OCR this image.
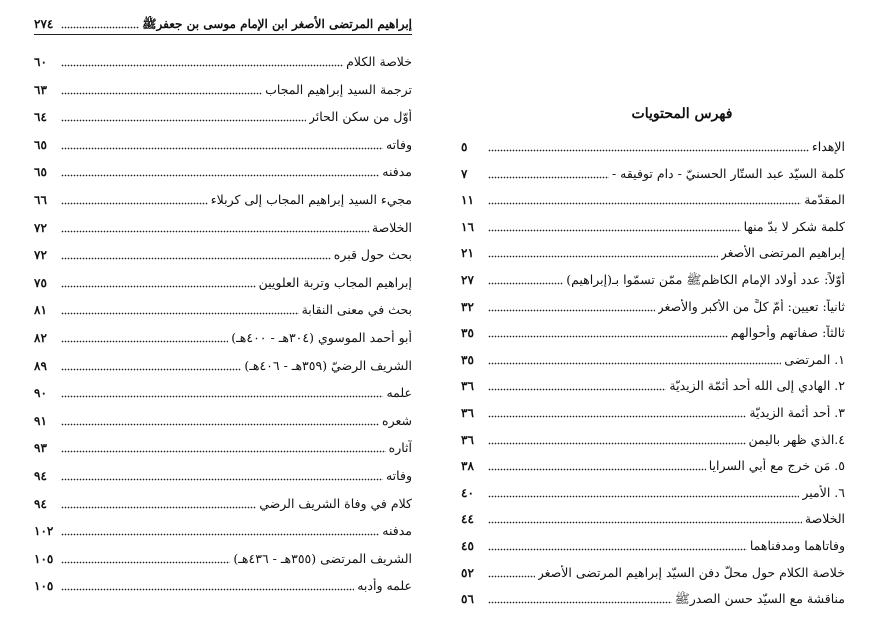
٢٧٤	إبراهيم المرتضى الأصغر ابن الإمام موسى بن جعفرﷺ
٦٠	خلاصة الكلام
٦٣	ترجمة السيد إبراهيم المجاب
٦٤	أوّل من سكن الحائر
٦٥	وفاته
٦٥	مدفنه
٦٦	مجيء السيد إبراهيم المجاب إلى كربلاء
٧٢	الخلاصة
٧٢	بحث حول قبره
٧٥	إبراهيم المجاب وتربة العلويين
٨١	بحث في معنى النقابة
٨٢	أبو أحمد الموسوي (٣٠٤هـ - ٤٠٠هـ)
٨٩	الشريف الرضيّ (٣٥٩هـ - ٤٠٦هـ)
٩٠	علمه
٩١	شعره
٩٣	آثاره
٩٤	وفاته
٩٤	كلام في وفاة الشريف الرضي
١٠٢	مدفنه
١٠٥	الشريف المرتضى (٣٥٥هـ - ٤٣٦هـ)
١٠٥	علمه وأدبه
فهرس المحتويات
٥	الإهداء
٧	كلمة السيّد عبد الستّار الحسنيّ - دام توفيقه -
١١	المقدّمة
١٦	كلمة شكر لا بدّ منها
٢١	إبراهيم المرتضى الأصغر
٢٧	أوّلاً: عدد أولاد الإمام الكاظمﷺ ممّن تسمّوا بـ(إبراهيم)
٣٢	ثانياً: تعيين: أمّ كلٍّ من الأكبر والأصغر
٣٥	ثالثاً: صفاتهم وأحوالهم
٣٥	١. المرتضى
٣٦	٢. الهادي إلى الله أحد أئمّة الزيديّة
٣٦	٣. أحد أئمة الزيديّة
٣٦	٤.الذي ظهر باليمن
٣٨	٥. مَن خرج مع أبي السرايا
٤٠	٦. الأمير
٤٤	الخلاصة
٤٥	وفاتاهما ومدفناهما
٥٢	خلاصة الكلام حول محلّ دفن السيّد إبراهيم المرتضى الأصغر
٥٦	مناقشة مع السيّد حسن الصدرﷺ
